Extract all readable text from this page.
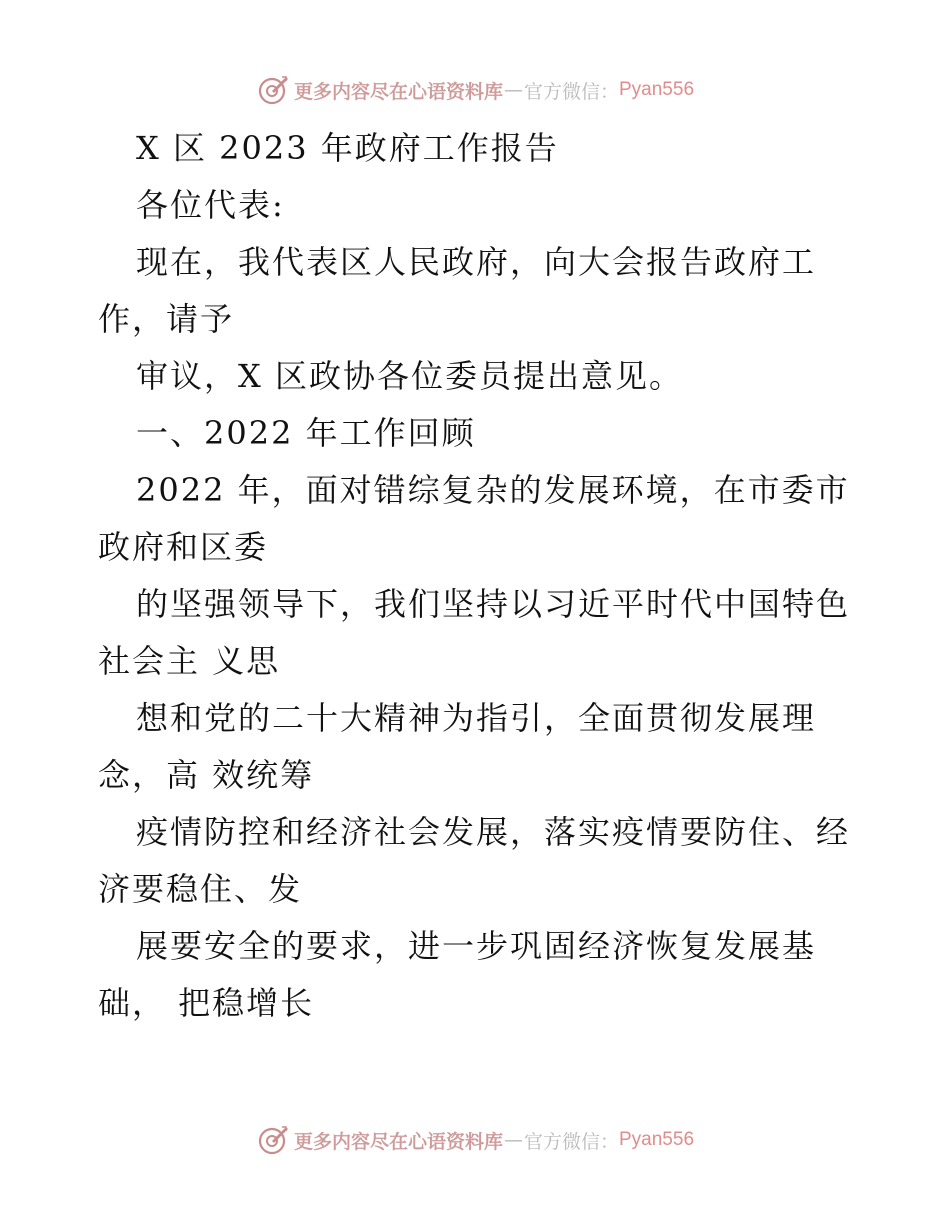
更多内容尽在心语资料库 — 官方微信： Pyan556
X 区 2023 年政府工作报告
各位代表:
现在，我代表区人民政府，向大会报告政府工
作，请予
审议，X 区政协各位委员提出意见。
一、2022 年工作回顾
2022 年，面对错综复杂的发展环境，在市委市
政府和区委
的坚强领导下，我们坚持以习近平时代中国特色
社会主 义思
想和党的二十大精神为指引，全面贯彻发展理
念，高 效统筹
疫情防控和经济社会发展，落实疫情要防住、经
济要稳住、发
展要安全的要求，进一步巩固经济恢复发展基
础， 把稳增长
更多内容尽在心语资料库 — 官方微信： Pyan556
